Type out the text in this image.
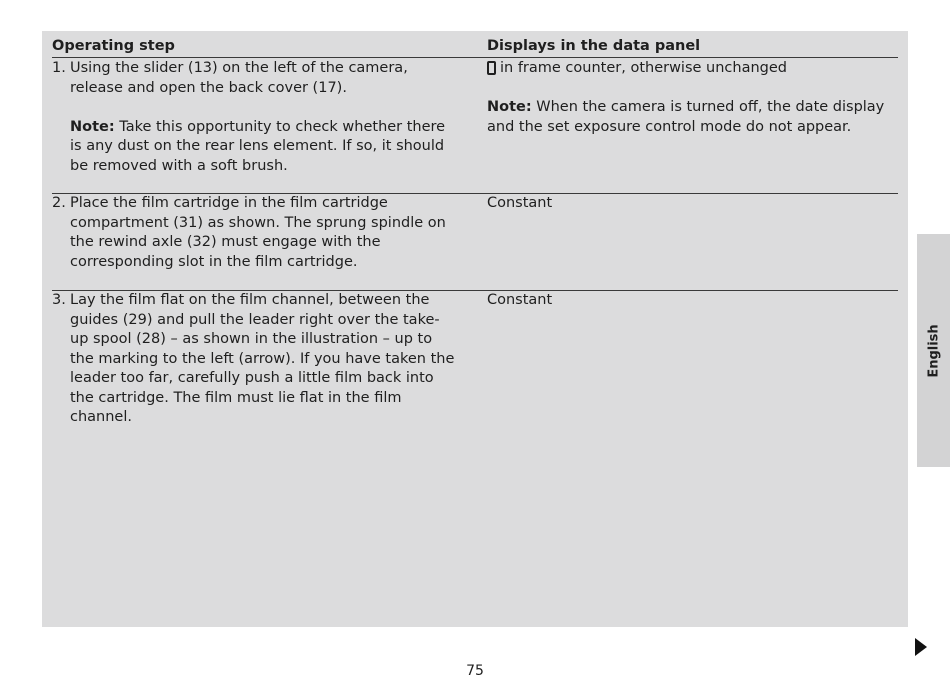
Operating step	Displays in the data panel
1. Using the slider (13) on the left of the camera, release and open the back cover (17).

Note: Take this opportunity to check whether there is any dust on the rear lens element. If so, it should be removed with a soft brush.

in frame counter, otherwise unchanged

Note: When the camera is turned off, the date display and the set exposure control mode do not appear.

2. Place the film cartridge in the film cartridge compartment (31) as shown. The sprung spindle on the rewind axle (32) must engage with the corresponding slot in the film cartridge.

Constant

3. Lay the film flat on the film channel, between the guides (29) and pull the leader right over the take-up spool (28) – as shown in the illustration – up to the marking to the left (arrow). If you have taken the leader too far, carefully push a little film back into the cartridge. The film must lie flat in the film channel.

Constant

English
75
